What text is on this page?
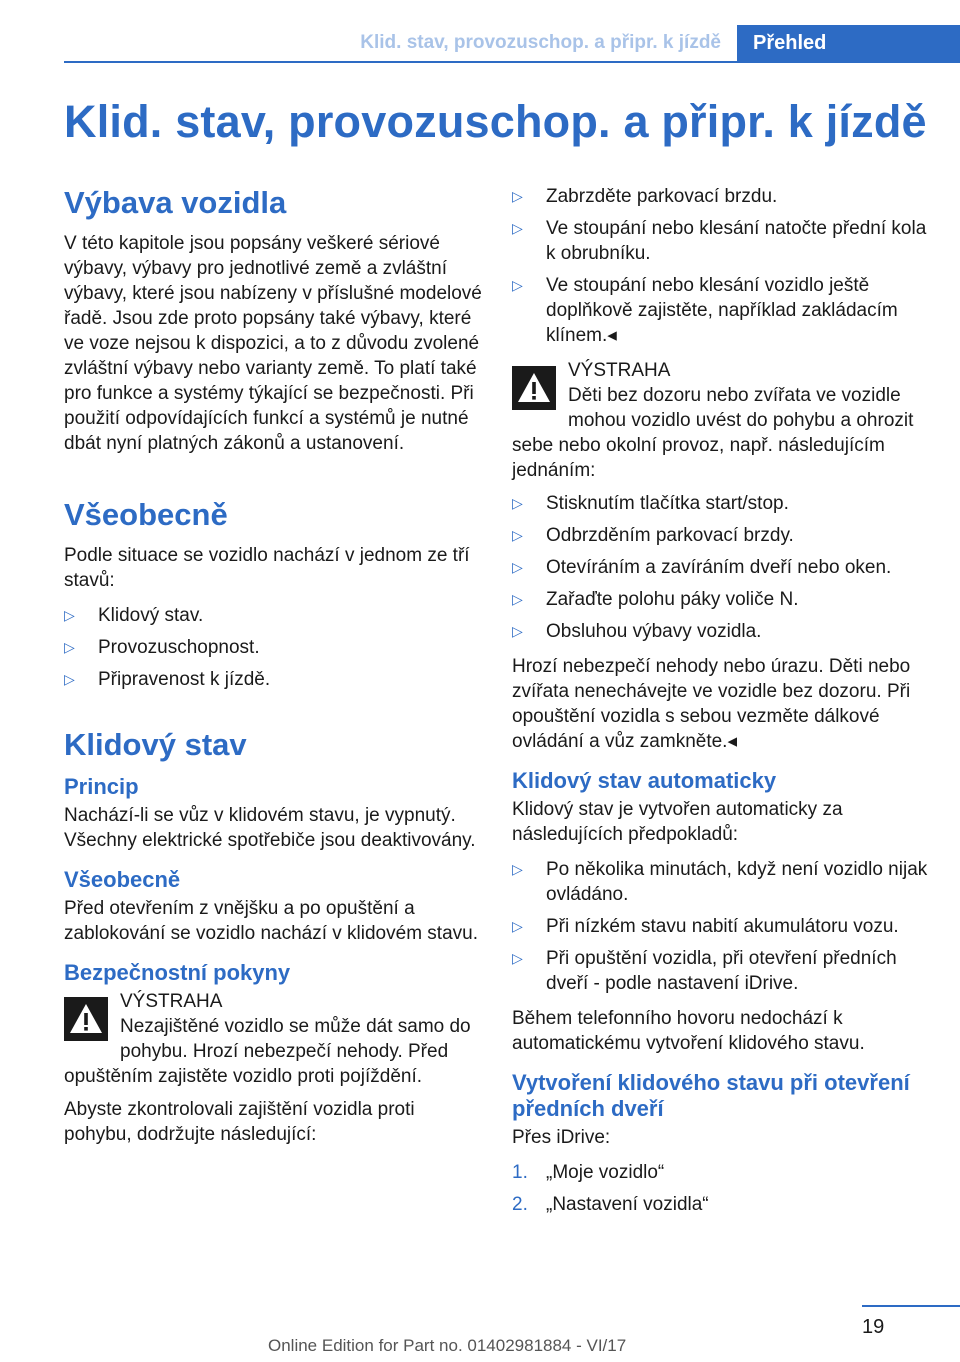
Klid. stav, provozuschop. a připr. k jízdě	Přehled
Klid. stav, provozuschop. a připr. k jízdě
Výbava vozidla

V této kapitole jsou popsány veškeré sériové výbavy, výbavy pro jednotlivé země a zvláštní výbavy, které jsou nabízeny v příslušné modelové řadě. Jsou zde proto popsány také výbavy, které ve voze nejsou k dispozici, a to z důvodu zvolené zvláštní výbavy nebo varianty země. To platí také pro funkce a systémy týkající se bezpečnosti. Při použití odpovídajících funkcí a systémů je nutné dbát nyní platných zákonů a ustanovení.

Všeobecně

Podle situace se vozidlo nachází v jednom ze tří stavů:

▷ Klidový stav.
▷ Provozuschopnost.
▷ Připravenost k jízdě.
Klidový stav
Princip

Nachází-li se vůz v klidovém stavu, je vypnutý. Všechny elektrické spotřebiče jsou deaktivovány.

Všeobecně

Před otevřením z vnějšku a po opuštění a zablokování se vozidlo nachází v klidovém stavu.

Bezpečnostní pokyny
VÝSTRAHA
Nezajištěné vozidlo se může dát samo do pohybu. Hrozí nebezpečí nehody. Před opuštěním zajistěte vozidlo proti pojíždění.

Abyste zkontrolovali zajištění vozidla proti pohybu, dodržujte následující:

▷ Zabrzděte parkovací brzdu.
▷ Ve stoupání nebo klesání natočte přední kola k obrubníku.
▷ Ve stoupání nebo klesání vozidlo ještě doplňkově zajistěte, například zakládacím klínem.◂
VÝSTRAHA
Děti bez dozoru nebo zvířata ve vozidle mohou vozidlo uvést do pohybu a ohrozit sebe nebo okolní provoz, např. následujícím jednáním:
▷ Stisknutím tlačítka start/stop.
▷ Odbrzděním parkovací brzdy.
▷ Otevíráním a zavíráním dveří nebo oken.
▷ Zařaďte polohu páky voliče N.
▷ Obsluhou výbavy vozidla.

Hrozí nebezpečí nehody nebo úrazu. Děti nebo zvířata nenechávejte ve vozidle bez dozoru. Při opouštění vozidla s sebou vezměte dálkové ovládání a vůz zamkněte.◂

Klidový stav automaticky

Klidový stav je vytvořen automaticky za následujících předpokladů:

▷ Po několika minutách, když není vozidlo nijak ovládáno.
▷ Při nízkém stavu nabití akumulátoru vozu.
▷ Při opuštění vozidla, při otevření předních dveří - podle nastavení iDrive.

Během telefonního hovoru nedochází k automatickému vytvoření klidového stavu.

Vytvoření klidového stavu při otevření předních dveří

Přes iDrive:

1. „Moje vozidlo“
2. „Nastavení vozidla“
19
Online Edition for Part no. 01402981884 - VI/17
